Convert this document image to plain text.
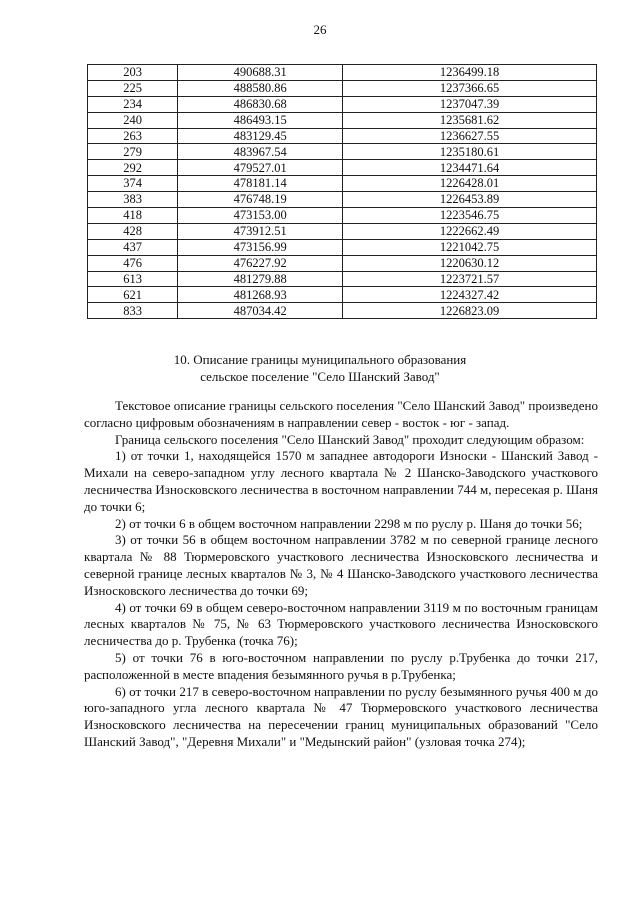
26
203	490688.31	1236499.18
225	488580.86	1237366.65
234	486830.68	1237047.39
240	486493.15	1235681.62
263	483129.45	1236627.55
279	483967.54	1235180.61
292	479527.01	1234471.64
374	478181.14	1226428.01
383	476748.19	1226453.89
418	473153.00	1223546.75
428	473912.51	1222662.49
437	473156.99	1221042.75
476	476227.92	1220630.12
613	481279.88	1223721.57
621	481268.93	1224327.42
833	487034.42	1226823.09
10. Описание границы муниципального образования
сельское поселение "Село Шанский Завод"

Текстовое описание границы сельского поселения "Село Шанский Завод" произведено согласно цифровым обозначениям в направлении север - восток - юг - запад.

Граница сельского поселения "Село Шанский Завод" проходит следующим образом:

1) от точки 1, находящейся 1570 м западнее автодороги Износки - Шанский Завод - Михали на северо-западном углу лесного квартала № 2 Шанско-Заводского участкового лесничества Износковского лесничества в восточном направлении 744 м, пересекая р. Шаня до точки 6;

2) от точки 6 в общем восточном направлении 2298 м по руслу р. Шаня до точки 56;

3) от точки 56 в общем восточном направлении 3782 м по северной границе лесного квартала № 88 Тюрмеровского участкового лесничества Износковского лесничества и северной границе лесных кварталов № 3, № 4 Шанско-Заводского участкового лесничества Износковского лесничества до точки 69;

4) от точки 69 в общем северо-восточном направлении 3119 м по восточным границам лесных кварталов № 75, № 63 Тюрмеровского участкового лесничества Износковского лесничества до р. Трубенка (точка 76);

5) от точки 76 в юго-восточном направлении по руслу р.Трубенка до точки 217, расположенной в месте впадения безымянного ручья в р.Трубенка;

6) от точки 217 в северо-восточном направлении по руслу безымянного ручья 400 м до юго-западного угла лесного квартала № 47 Тюрмеровского участкового лесничества Износковского лесничества на пересечении границ муниципальных образований "Село Шанский Завод", "Деревня Михали" и "Медынский район" (узловая точка 274);
